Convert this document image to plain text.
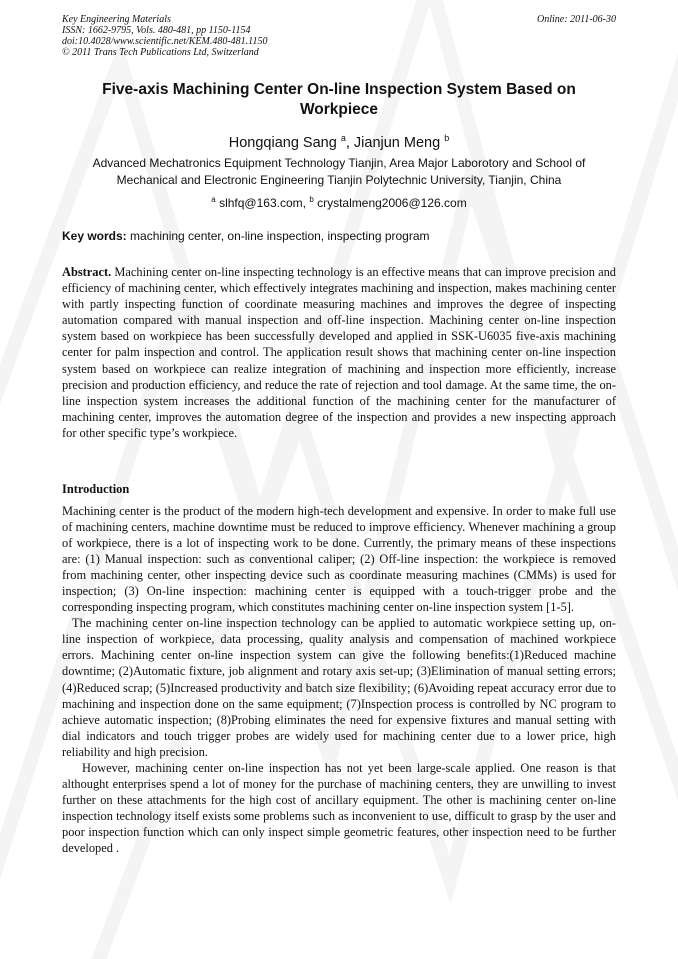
Key Engineering Materials
ISSN: 1662-9795, Vols. 480-481, pp 1150-1154
doi:10.4028/www.scientific.net/KEM.480-481.1150
© 2011 Trans Tech Publications Ltd, Switzerland
Online: 2011-06-30
Five-axis Machining Center On-line Inspection System Based on Workpiece
Hongqiang Sang $^a$, Jianjun Meng $^b$
Advanced Mechatronics Equipment Technology Tianjin, Area Major Laborotory and School of Mechanical and Electronic Engineering Tianjin Polytechnic University, Tianjin, China
$^a$ slhfq@163.com, $^b$ crystalmeng2006@126.com
Key words: machining center, on-line inspection, inspecting program
Abstract. Machining center on-line inspecting technology is an effective means that can improve precision and efficiency of machining center, which effectively integrates machining and inspection, makes machining center with partly inspecting function of coordinate measuring machines and improves the degree of inspecting automation compared with manual inspection and off-line inspection. Machining center on-line inspection system based on workpiece has been successfully developed and applied in SSK-U6035 five-axis machining center for palm inspection and control. The application result shows that machining center on-line inspection system based on workpiece can realize integration of machining and inspection more efficiently, increase precision and production efficiency, and reduce the rate of rejection and tool damage. At the same time, the on-line inspection system increases the additional function of the machining center for the manufacturer of machining center, improves the automation degree of the inspection and provides a new inspecting approach for other specific type’s workpiece.
Introduction

Machining center is the product of the modern high-tech development and expensive. In order to make full use of machining centers, machine downtime must be reduced to improve efficiency. Whenever machining a group of workpiece, there is a lot of inspecting work to be done. Currently, the primary means of these inspections are: (1) Manual inspection: such as conventional caliper; (2) Off-line inspection: the workpiece is removed from machining center, other inspecting device such as coordinate measuring machines (CMMs) is used for inspection; (3) On-line inspection: machining center is equipped with a touch-trigger probe and the corresponding inspecting program, which constitutes machining center on-line inspection system [1-5].

The machining center on-line inspection technology can be applied to automatic workpiece setting up, on-line inspection of workpiece, data processing, quality analysis and compensation of machined workpiece errors. Machining center on-line inspection system can give the following benefits:(1)Reduced machine downtime; (2)Automatic fixture, job alignment and rotary axis set-up; (3)Elimination of manual setting errors; (4)Reduced scrap; (5)Increased productivity and batch size flexibility; (6)Avoiding repeat accuracy error due to machining and inspection done on the same equipment; (7)Inspection process is controlled by NC program to achieve automatic inspection; (8)Probing eliminates the need for expensive fixtures and manual setting with dial indicators and touch trigger probes are widely used for machining center due to a lower price, high reliability and high precision.

However, machining center on-line inspection has not yet been large-scale applied. One reason is that althought enterprises spend a lot of money for the purchase of machining centers, they are unwilling to invest further on these attachments for the high cost of ancillary equipment. The other is machining center on-line inspection technology itself exists some problems such as inconvenient to use, difficult to grasp by the user and poor inspection function which can only inspect simple geometric features, other inspection need to be further developed .
